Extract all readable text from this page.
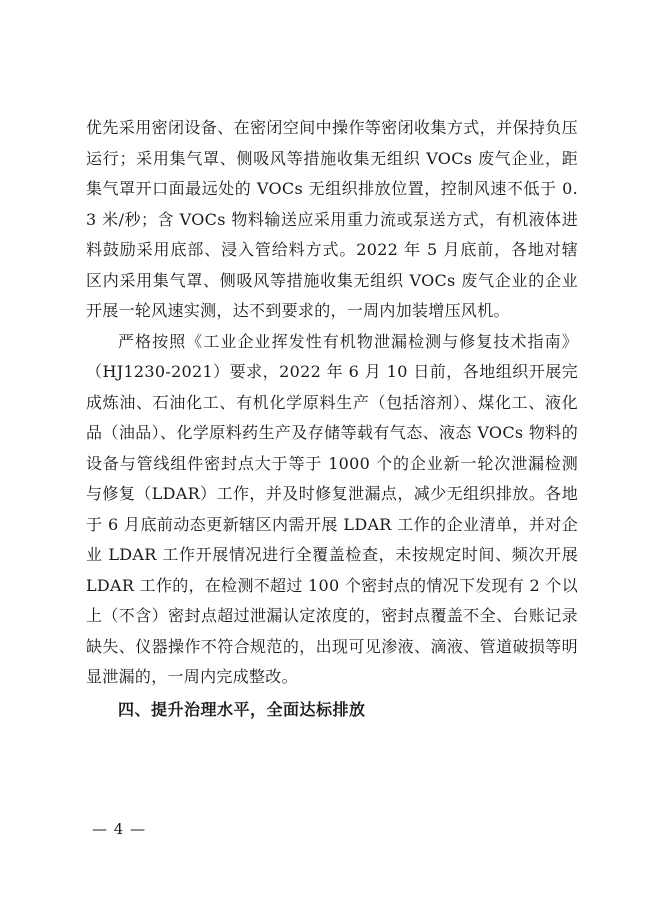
优先采用密闭设备、在密闭空间中操作等密闭收集方式，并保持负压运行；采用集气罩、侧吸风等措施收集无组织 VOCs 废气企业，距集气罩开口面最远处的 VOCs 无组织排放位置，控制风速不低于 0.3 米/秒；含 VOCs 物料输送应采用重力流或泵送方式，有机液体进料鼓励采用底部、浸入管给料方式。2022 年 5 月底前，各地对辖区内采用集气罩、侧吸风等措施收集无组织 VOCs 废气企业的企业开展一轮风速实测，达不到要求的，一周内加装增压风机。

严格按照《工业企业挥发性有机物泄漏检测与修复技术指南》（HJ1230-2021）要求，2022 年 6 月 10 日前，各地组织开展完成炼油、石油化工、有机化学原料生产（包括溶剂）、煤化工、液化品（油品）、化学原料药生产及存储等载有气态、液态 VOCs 物料的设备与管线组件密封点大于等于 1000 个的企业新一轮次泄漏检测与修复（LDAR）工作，并及时修复泄漏点，减少无组织排放。各地于 6 月底前动态更新辖区内需开展 LDAR 工作的企业清单，并对企业 LDAR 工作开展情况进行全覆盖检查，未按规定时间、频次开展 LDAR 工作的，在检测不超过 100 个密封点的情况下发现有 2 个以上（不含）密封点超过泄漏认定浓度的，密封点覆盖不全、台账记录缺失、仪器操作不符合规范的，出现可见渗液、滴液、管道破损等明显泄漏的，一周内完成整改。

四、提升治理水平，全面达标排放

— 4 —
